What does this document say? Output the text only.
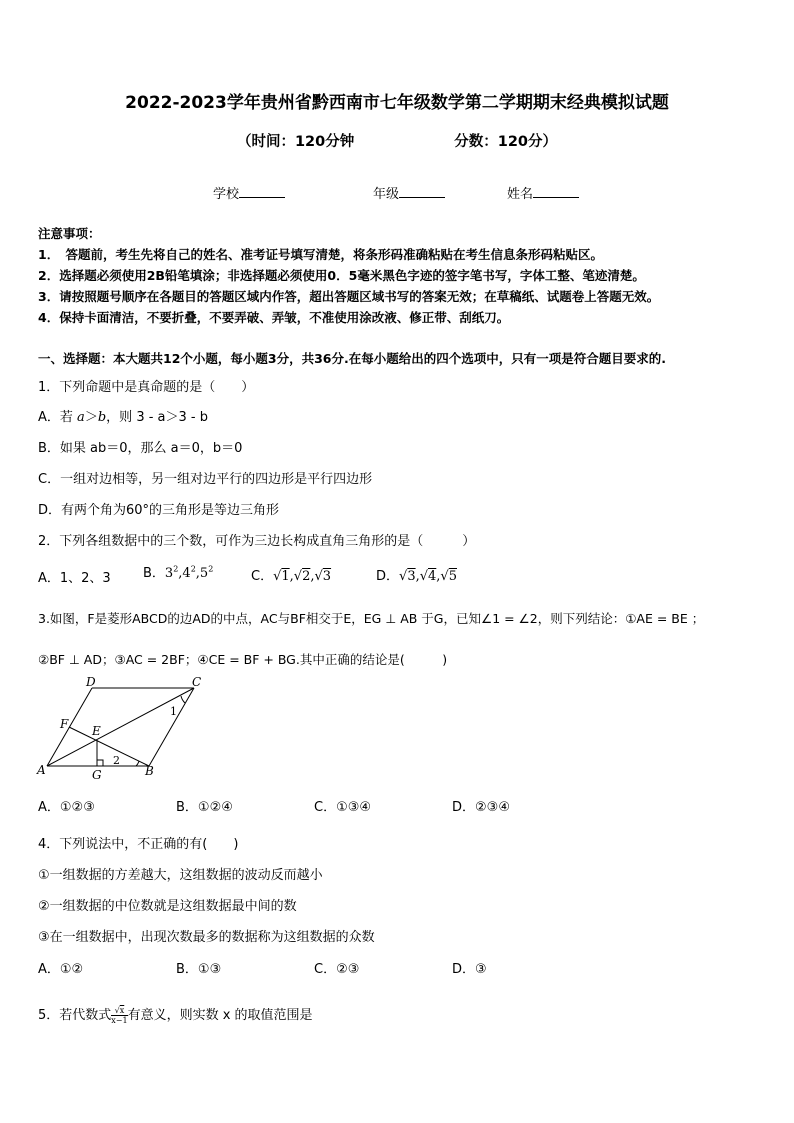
2022-2023学年贵州省黔西南市七年级数学第二学期期末经典模拟试题
（时间：120分钟	分数：120分）
学校	年级	姓名
注意事项：
1．　答题前，考生先将自己的姓名、准考证号填写清楚，将条形码准确粘贴在考生信息条形码粘贴区。
2．选择题必须使用2B铅笔填涂；非选择题必须使用0．5毫米黑色字迹的签字笔书写，字体工整、笔迹清楚。
3．请按照题号顺序在各题目的答题区域内作答，超出答题区域书写的答案无效；在草稿纸、试题卷上答题无效。
4．保持卡面清洁，不要折叠，不要弄破、弄皱，不准使用涂改液、修正带、刮纸刀。
一、选择题：本大题共12个小题，每小题3分，共36分.在每小题给出的四个选项中，只有一项是符合题目要求的.
1．下列命题中是真命题的是（　　）
A．若 a＞b，则 3 - a＞3 - b
B．如果 ab＝0，那么 a＝0，b＝0
C．一组对边相等，另一组对边平行的四边形是平行四边形
D．有两个角为60°的三角形是等边三角形
2．下列各组数据中的三个数，可作为三边长构成直角三角形的是（　　　）
A．1、2、3 B．$3^2,4^2,5^2$	C．√1,√2,√3	D．√3,√4,√5
3.如图，F是菱形ABCD的边AD的中点，AC与BF相交于E，EG ⊥ AB 于G，已知∠1 = ∠2，则下列结论：①AE = BE ；
②BF ⊥ AD；③AC = 2BF；④CE = BF + BG.其中正确的结论是(　　　)
D	C
F E
A	G	B
1
2
A．①②③	B．①②④	C．①③④	D．②③④
4．下列说法中，不正确的有(　　)
①一组数据的方差越大，这组数据的波动反而越小
②一组数据的中位数就是这组数据最中间的数
③在一组数据中，出现次数最多的数据称为这组数据的众数
A．①②	B．①③	C．②③	D．③
5．若代数式 $\frac{√x}{x-1}$ 有意义，则实数 x 的取值范围是
